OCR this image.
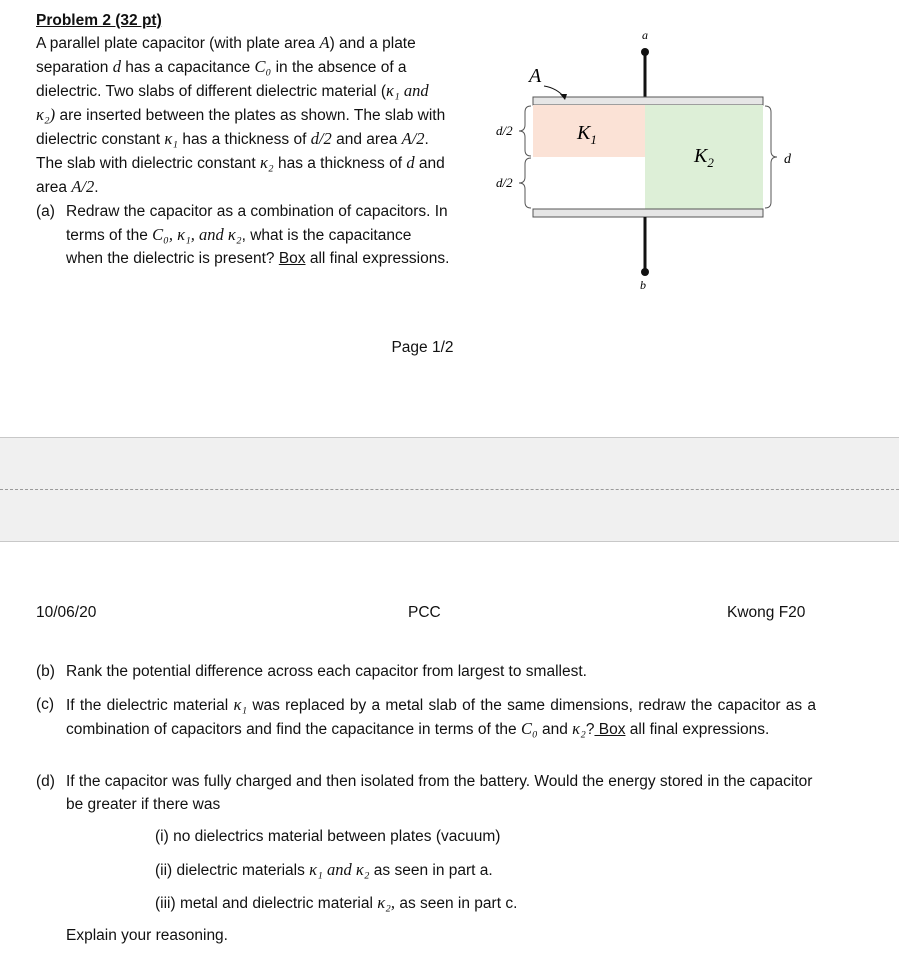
Problem 2 (32 pt)
A parallel plate capacitor (with plate area A) and a plate
separation d has a capacitance C₀ in the absence of a
dielectric. Two slabs of different dielectric material (κ₁ and
κ₂) are inserted between the plates as shown. The slab with
dielectric constant κ₁ has a thickness of d/2 and area A/2.
The slab with dielectric constant κ₂ has a thickness of d and
area A/2.
(a) Redraw the capacitor as a combination of capacitors. In
terms of the C₀, κ₁, and κ₂, what is the capacitance
when the dielectric is present? Box all final expressions.
a
A
$K_1$
$K_2$
d/2
d/2
d
b
Page 1/2
10/06/20	PCC	Kwong F20
(b) Rank the potential difference across each capacitor from largest to smallest.
(c) If the dielectric material κ₁ was replaced by a metal slab of the same dimensions, redraw the capacitor as a combination of capacitors and find the capacitance in terms of the C₀ and κ₂? Box all final expressions.
(d) If the capacitor was fully charged and then isolated from the battery. Would the energy stored in the capacitor be greater if there was
(i) no dielectrics material between plates (vacuum)
(ii) dielectric materials κ₁ and κ₂ as seen in part a.
(iii) metal and dielectric material κ₂, as seen in part c.
Explain your reasoning.
